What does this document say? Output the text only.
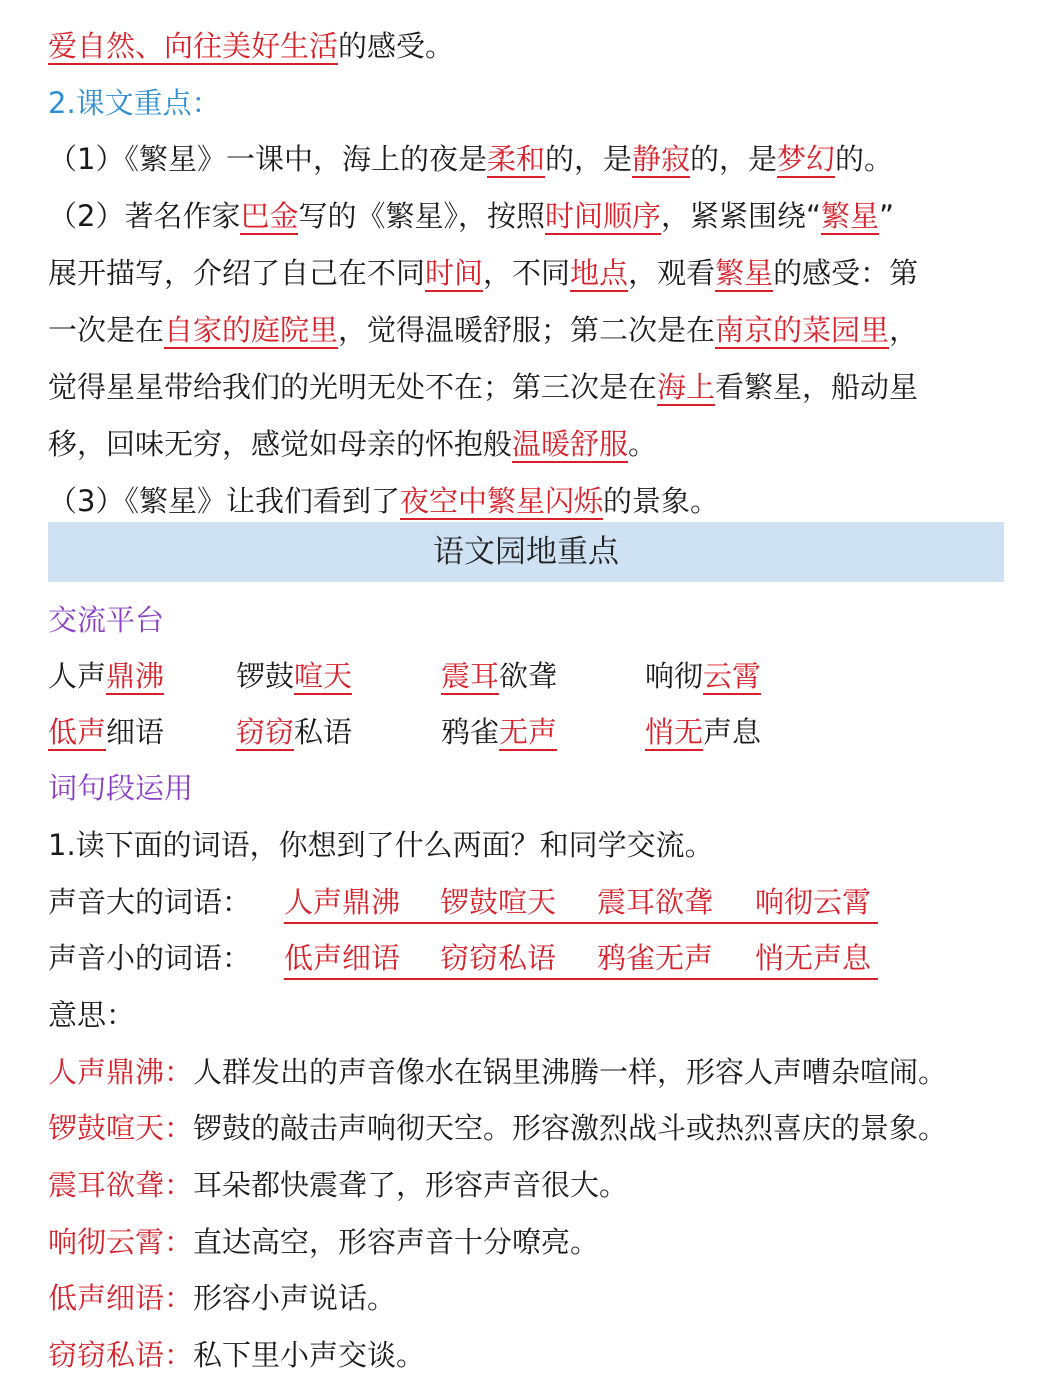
爱自然、向往美好生活的感受。
2.课文重点：
（1）《繁星》一课中，海上的夜是柔和的，是静寂的，是梦幻的。
（2）著名作家巴金写的《繁星》，按照时间顺序，紧紧围绕“繁星”
展开描写，介绍了自己在不同时间，不同地点，观看繁星的感受：第
一次是在自家的庭院里，觉得温暖舒服；第二次是在南京的菜园里，
觉得星星带给我们的光明无处不在；第三次是在海上看繁星，船动星
移，回味无穷，感觉如母亲的怀抱般温暖舒服。
（3）《繁星》让我们看到了夜空中繁星闪烁的景象。
语文园地重点
交流平台
人声鼎沸 锣鼓喧天	震耳欲聋	响彻云霄
低声细语 窃窃私语	鸦雀无声	悄无声息
词句段运用
1.读下面的词语，你想到了什么两面？和同学交流。
声音大的词语： 人声鼎沸 锣鼓喧天 震耳欲聋 响彻云霄

声音小的词语： 低声细语 窃窃私语 鸦雀无声 悄无声息

意思：
人声鼎沸：人群发出的声音像水在锅里沸腾一样，形容人声嘈杂喧闹。
锣鼓喧天：锣鼓的敲击声响彻天空。形容激烈战斗或热烈喜庆的景象。
震耳欲聋：耳朵都快震聋了，形容声音很大。
响彻云霄：直达高空，形容声音十分嘹亮。
低声细语：形容小声说话。
窃窃私语：私下里小声交谈。
